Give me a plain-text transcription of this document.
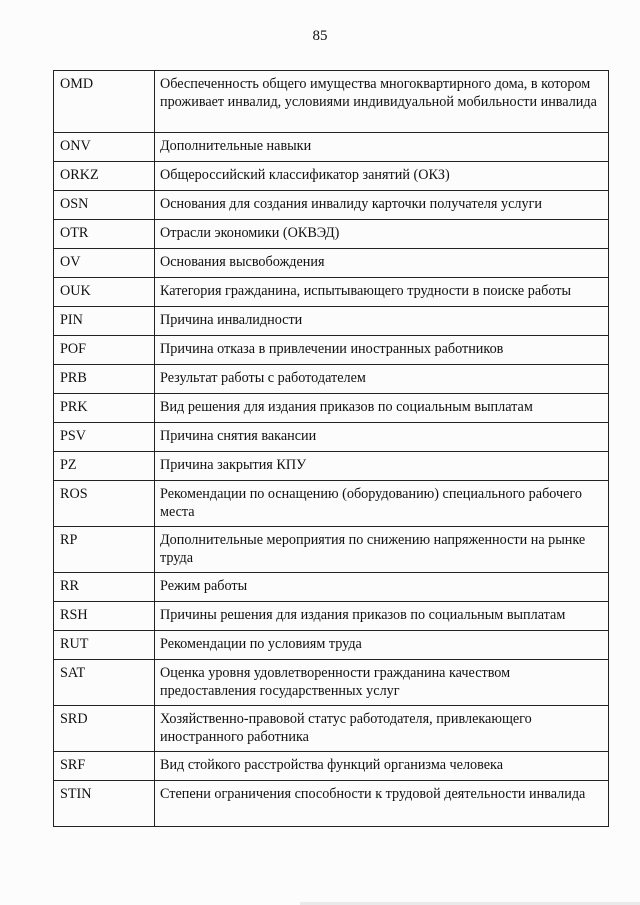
85
OMD	Обеспеченность общего имущества многоквартирного дома, в котором проживает инвалид, условиями индивидуальной мобильности инвалида
ONV	Дополнительные навыки
ORKZ	Общероссийский классификатор занятий (ОКЗ)
OSN	Основания для создания инвалиду карточки получателя услуги
OTR	Отрасли экономики (ОКВЭД)
OV	Основания высвобождения
OUK	Категория гражданина, испытывающего трудности в поиске работы
PIN	Причина инвалидности
POF	Причина отказа в привлечении иностранных работников
PRB	Результат работы с работодателем
PRK	Вид решения для издания приказов по социальным выплатам
PSV	Причина снятия вакансии
PZ	Причина закрытия КПУ
ROS	Рекомендации по оснащению (оборудованию) специального рабочего места
RP	Дополнительные мероприятия по снижению напряженности на рынке труда
RR	Режим работы
RSH	Причины решения для издания приказов по социальным выплатам
RUT	Рекомендации по условиям труда
SAT	Оценка уровня удовлетворенности гражданина качеством предоставления государственных услуг
SRD	Хозяйственно-правовой статус работодателя, привлекающего иностранного работника
SRF	Вид стойкого расстройства функций организма человека
STIN	Степени ограничения способности к трудовой деятельности инвалида
